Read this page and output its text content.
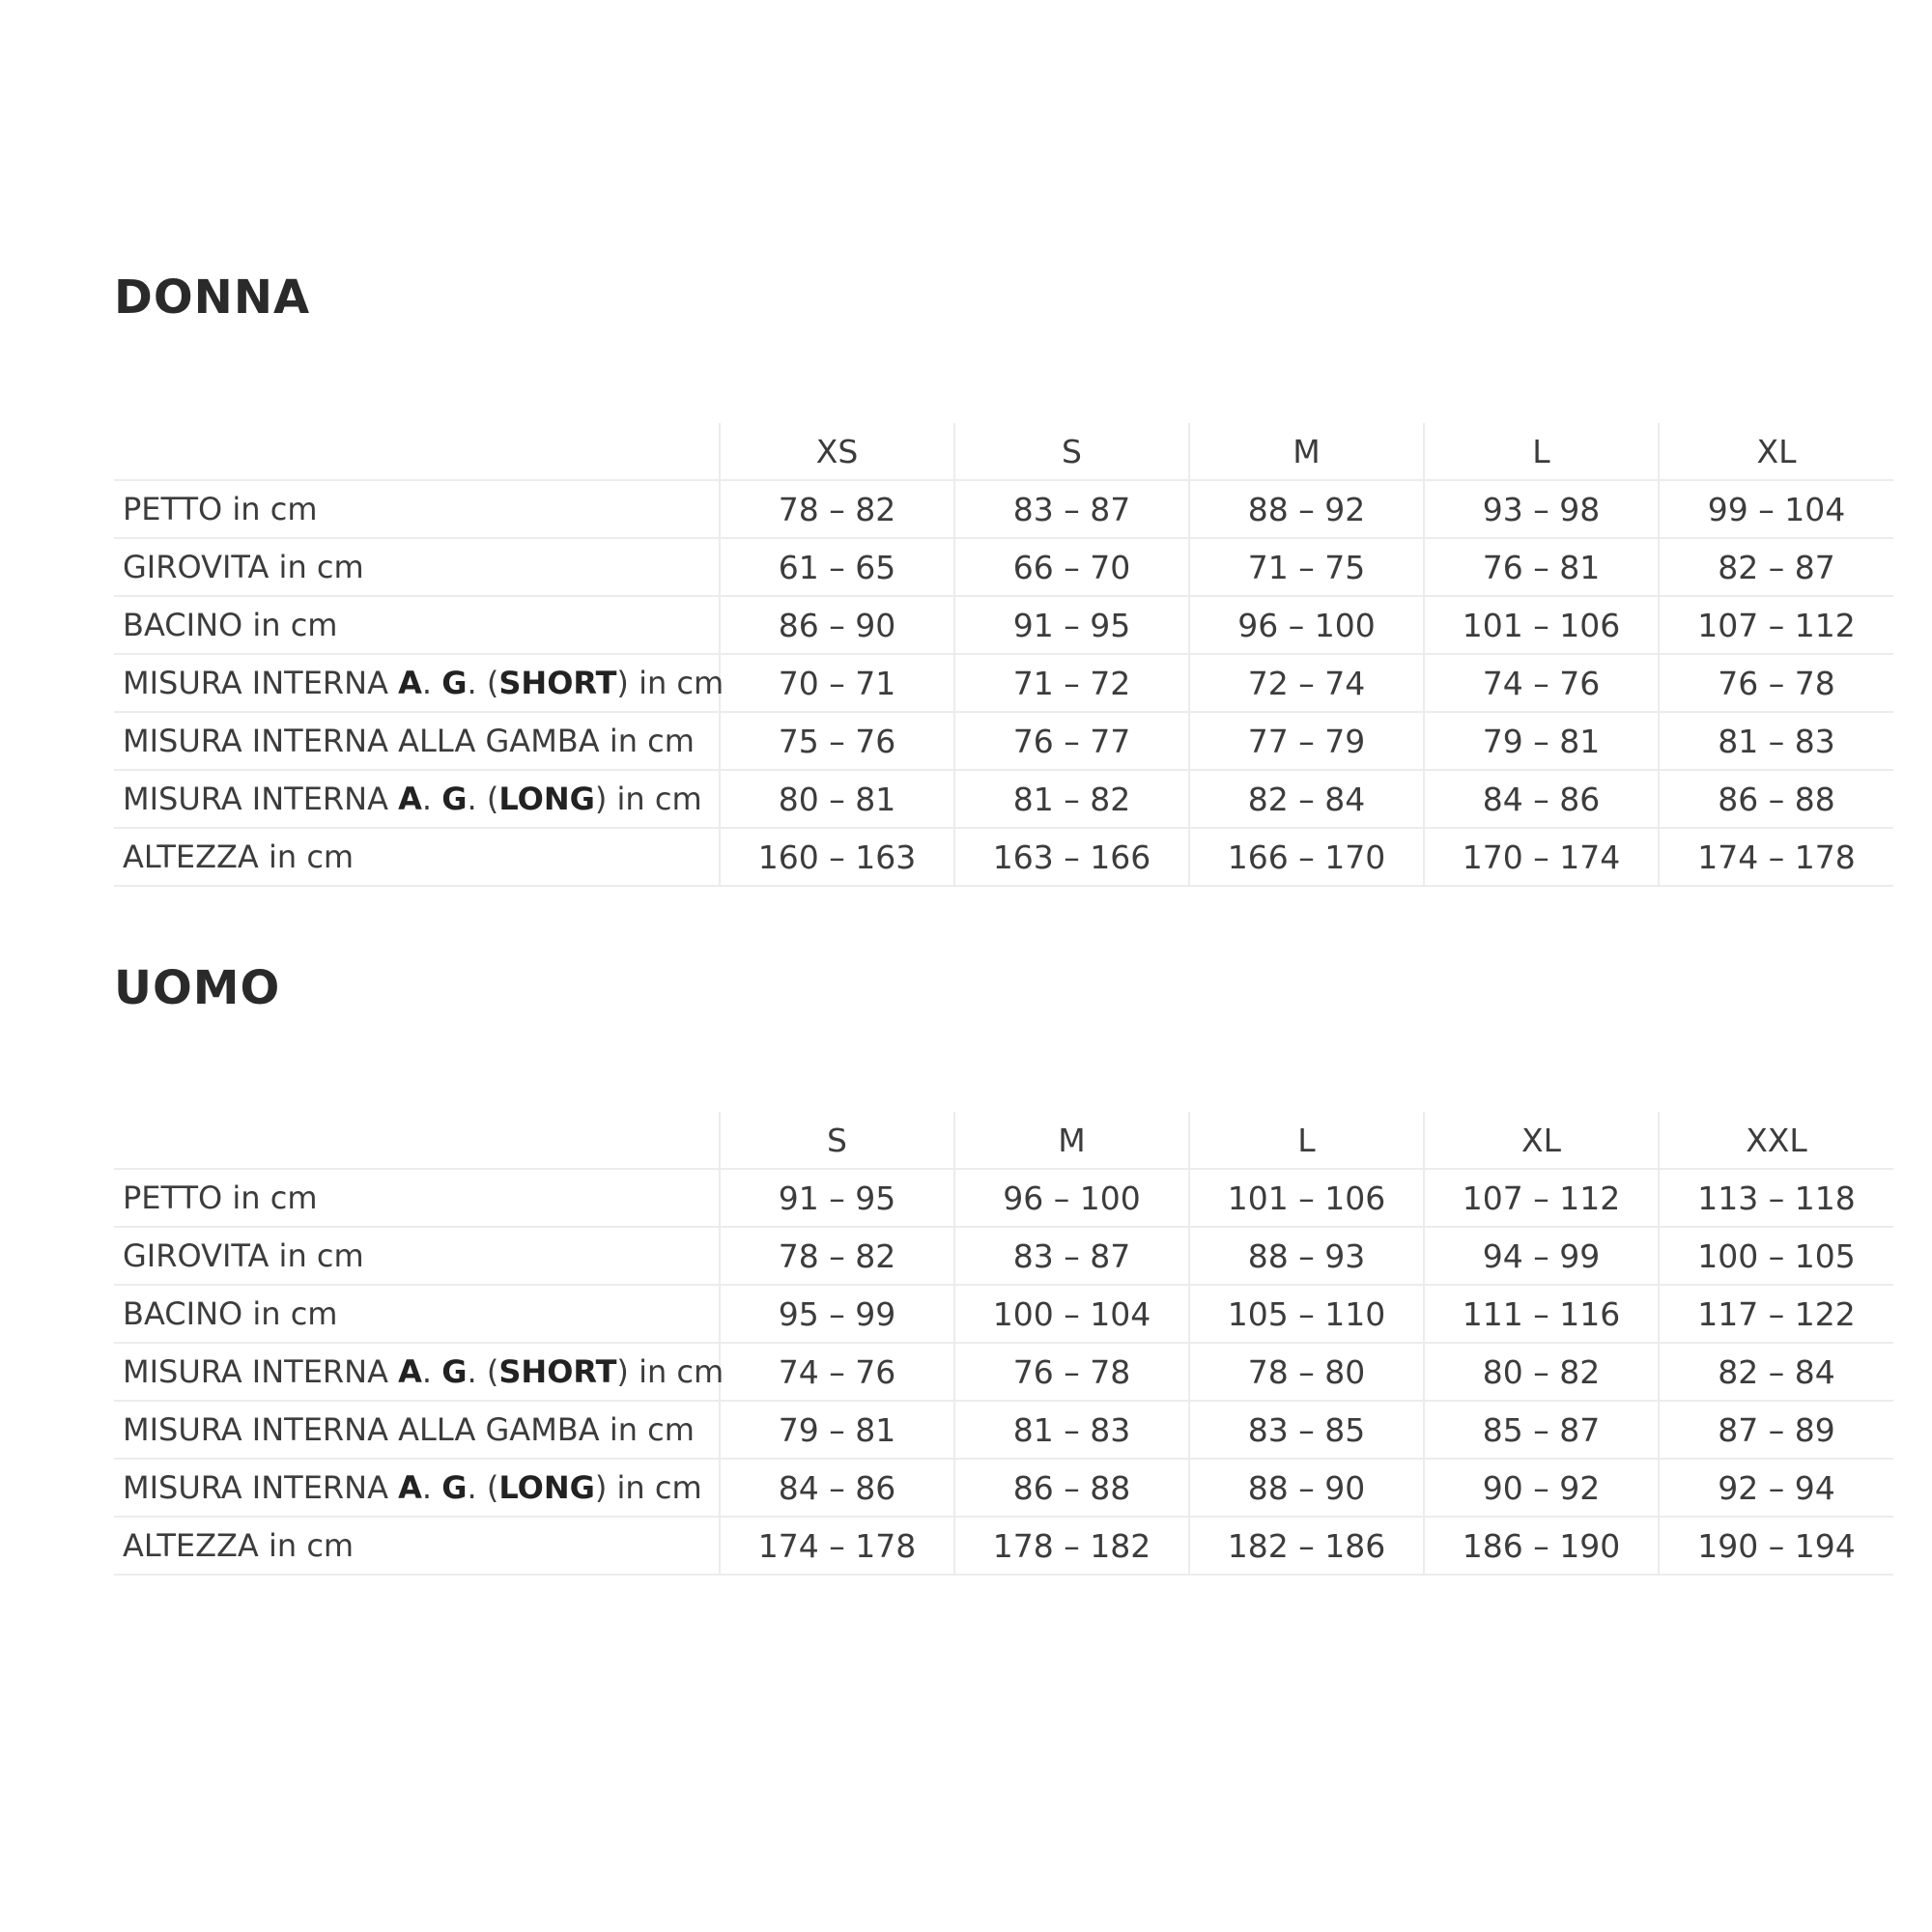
DONNA
	XS	S	M	L	XL
PETTO in cm	78 – 82	83 – 87	88 – 92	93 – 98	99 – 104
GIROVITA in cm	61 – 65	66 – 70	71 – 75	76 – 81	82 – 87
BACINO in cm	86 – 90	91 – 95	96 – 100	101 – 106	107 – 112
MISURA INTERNA A. G. (SHORT) in cm	70 – 71	71 – 72	72 – 74	74 – 76	76 – 78
MISURA INTERNA ALLA GAMBA in cm	75 – 76	76 – 77	77 – 79	79 – 81	81 – 83
MISURA INTERNA A. G. (LONG) in cm	80 – 81	81 – 82	82 – 84	84 – 86	86 – 88
ALTEZZA in cm	160 – 163	163 – 166	166 – 170	170 – 174	174 – 178
UOMO
	S	M	L	XL	XXL
PETTO in cm	91 – 95	96 – 100	101 – 106	107 – 112	113 – 118
GIROVITA in cm	78 – 82	83 – 87	88 – 93	94 – 99	100 – 105
BACINO in cm	95 – 99	100 – 104	105 – 110	111 – 116	117 – 122
MISURA INTERNA A. G. (SHORT) in cm	74 – 76	76 – 78	78 – 80	80 – 82	82 – 84
MISURA INTERNA ALLA GAMBA in cm	79 – 81	81 – 83	83 – 85	85 – 87	87 – 89
MISURA INTERNA A. G. (LONG) in cm	84 – 86	86 – 88	88 – 90	90 – 92	92 – 94
ALTEZZA in cm	174 – 178	178 – 182	182 – 186	186 – 190	190 – 194
